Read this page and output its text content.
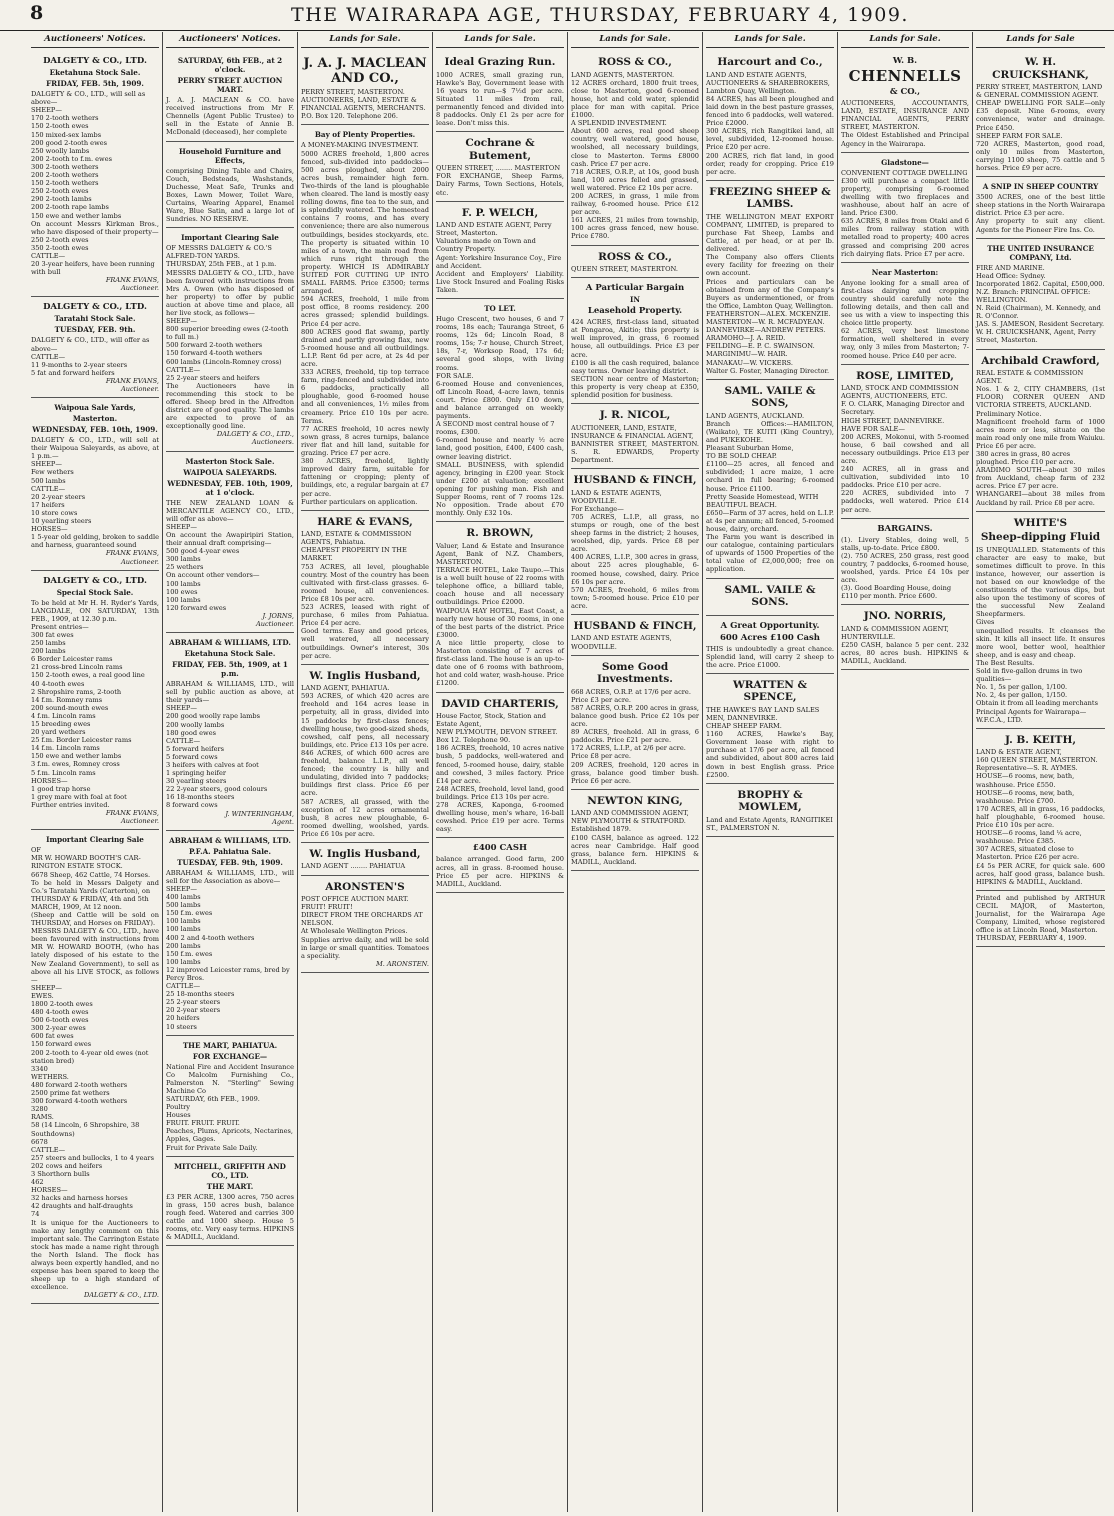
8	THE WAIRARAPA AGE, THURSDAY, FEBRUARY 4, 1909.
Auctioneers' Notices.
DALGETY & CO., LTD.
Eketahuna Stock Sale.
FRIDAY, FEB. 5th, 1909.
DALGETY & CO., LTD., will sell as above—
SHEEP—
170 2-tooth wethers
150 2-tooth ewes
150 mixed-sex lambs
200 good 2-tooth ewes
250 woolly lambs
200 2-tooth to f.m. ewes
300 2-tooth wethers
200 2-tooth wethers
150 2-tooth wethers
250 2-tooth ewes
290 2-tooth lambs
200 2-tooth rape lambs
150 ewe and wether lambs
On account Messrs Kirkman Bros., who have disposed of their property—
250 2-tooth ewes
350 2-tooth ewes
CATTLE—
20 3-year heifers, have been running with bull
FRANK EVANS,
Auctioneer.
DALGETY & CO., LTD.
Taratahi Stock Sale.
TUESDAY, FEB. 9th.
DALGETY & CO., LTD., will offer as above—
CATTLE—
11 9-months to 2-year steers
5 fat and forward heifers
FRANK EVANS,
Auctioneer.
Waipoua Sale Yards,
Masterton.
WEDNESDAY, FEB. 10th, 1909.
DALGETY & CO., LTD., will sell at their Waipoua Saleyards, as above, at 1 p.m.—
SHEEP—
Few wethers
500 lambs
CATTLE—
20 2-year steers
17 heifers
10 store cows
10 yearling steers
HORSES—
1 5-year old gelding, broken to saddle and harness, guaranteed sound
FRANK EVANS,
Auctioneer.
DALGETY & CO., LTD.
Special Stock Sale.
To be held at Mr H. H. Ryder's Yards, LANGDALE, ON SATURDAY, 13th FEB., 1909, at 12.30 p.m.
Present entries—
300 fat ewes
250 lambs
200 lambs
6 Border Leicester rams
21 cross-bred Lincoln rams
150 2-tooth ewes, a real good line
40 4-tooth ewes
2 Shropshire rams, 2-tooth
14 f.m. Romney rams
200 sound-mouth ewes
4 f.m. Lincoln rams
15 breeding ewes
20 yard wethers
25 f.m. Border Leicester rams
14 f.m. Lincoln rams
150 ewe and wether lambs
3 f.m. ewes, Romney cross
5 f.m. Lincoln rams
HORSES—
1 good trap horse
1 grey mare with foal at foot
Further entries invited.
FRANK EVANS,
Auctioneer.
Important Clearing Sale
OF
MR W. HOWARD BOOTH'S CAR-RINGTON ESTATE STOCK.
6678 Sheep, 462 Cattle, 74 Horses.
To be held in Messrs Dalgety and Co.'s Taratahi Yards (Carterton), on
THURSDAY & FRIDAY, 4th and 5th MARCH, 1909, At 12 noon.
(Sheep and Cattle will be sold on THURSDAY, and Horses on FRIDAY).
MESSRS DALGETY & CO., LTD., have been favoured with instructions from MR W. HOWARD BOOTH, (who has lately disposed of his estate to the New Zealand Government), to sell as above all his LIVE STOCK, as follows—
SHEEP—
EWES.
1800 2-tooth ewes
480 4-tooth ewes
500 6-tooth ewes
300 2-year ewes
600 fat ewes
150 forward ewes
200 2-tooth to 4-year old ewes (not station bred)
3340
WETHERS.
480 forward 2-tooth wethers
2500 prime fat wethers
300 forward 4-tooth wethers
3280
RAMS.
58 (14 Lincoln, 6 Shropshire, 38 Southdowns)
6678
CATTLE—
257 steers and bullocks, 1 to 4 years
202 cows and heifers
3 Shorthorn bulls
462
HORSES—
32 hacks and harness horses
42 draughts and half-draughts
74
It is unique for the Auctioneers to make any lengthy comment on this important sale. The Carrington Estate stock has made a name right through the North Island. The flock has always been expertly handled, and no expense has been spared to keep the sheep up to a high standard of excellence.
DALGETY & CO., LTD.
Auctioneers' Notices.
SATURDAY, 6th FEB., at 2 o'clock.
PERRY STREET AUCTION MART.
J. A. J. MACLEAN & CO. have received instructions from Mr F. Chennells (Agent Public Trustee) to sell in the Estate of Annie B. McDonald (deceased), her complete
Household Furniture and Effects,
comprising Dining Table and Chairs, Couch, Bedsteads, Washstands, Duchesse, Meat Safe, Trunks and Boxes, Lawn Mower, Toilet Ware, Curtains, Wearing Apparel, Enamel Ware, Blue Satin, and a large lot of Sundries. NO RESERVE.
Important Clearing Sale
OF MESSRS DALGETY & CO.'S ALFRED-TON YARDS.
THURSDAY, 25th FEB., at 1 p.m.
MESSRS DALGETY & CO., LTD., have been favoured with instructions from Mrs A. Owen (who has disposed of her property) to offer by public auction at above time and place, all her live stock, as follows—
SHEEP—
800 superior breeding ewes (2-tooth to full m.)
500 forward 2-tooth wethers
150 forward 4-tooth wethers
600 lambs (Lincoln-Romney cross)
CATTLE—
25 2-year steers and heifers
The Auctioneers have in recommending this stock to be offered. Sheep bred in the Alfredton district are of good quality. The lambs are expected to prove of an exceptionally good line.
DALGETY & CO., LTD.,
Auctioneers.
Masterton Stock Sale.
WAIPOUA SALEYARDS.
WEDNESDAY, FEB. 10th, 1909, at 1 o'clock.
THE NEW ZEALAND LOAN & MERCANTILE AGENCY CO., LTD., will offer as above—
SHEEP—
On account the Awapiripiri Station, their annual draft comprising—
500 good 4-year ewes
300 lambs
25 wethers
On account other vendors—
100 lambs
100 ewes
100 lambs
120 forward ewes
J. JORNS,
Auctioneer.
ABRAHAM & WILLIAMS, LTD.
Eketahuna Stock Sale.
FRIDAY, FEB. 5th, 1909, at 1 p.m.
ABRAHAM & WILLIAMS, LTD., will sell by public auction as above, at their yards—
SHEEP—
200 good woolly rape lambs
200 woolly lambs
180 good ewes
CATTLE—
5 forward heifers
5 forward cows
3 heifers with calves at foot
1 springing heifer
30 yearling steers
22 2-year steers, good colours
16 18-months steers
8 forward cows
J. WINTERINGHAM,
Agent.
ABRAHAM & WILLIAMS, LTD.
P.F.A. Pahiatua Sale.
TUESDAY, FEB. 9th, 1909.
ABRAHAM & WILLIAMS, LTD., will sell for the Association as above—
SHEEP—
400 lambs
500 lambs
150 f.m. ewes
100 lambs
100 lambs
400 2 and 4-tooth wethers
200 lambs
150 f.m. ewes
100 lambs
12 improved Leicester rams, bred by Percy Bros.
CATTLE—
25 18-months steers
25 2-year steers
20 2-year steers
20 heifers
10 steers
THE MART, PAHIATUA.
FOR EXCHANGE—
National Fire and Accident Insurance Co Malcolm Furnishing Co., Palmerston N. "Sterling" Sewing Machine Co
SATURDAY, 6th FEB., 1909.
Poultry
Houses
FRUIT. FRUIT. FRUIT.
Peaches, Plums, Apricots, Nectarines, Apples, Gages.
Fruit for Private Sale Daily.
MITCHELL, GRIFFITH AND CO., LTD.
THE MART.
£3 PER ACRE, 1300 acres, 750 acres in grass, 150 acres bush, balance rough feed. Watered and carries 300 cattle and 1000 sheep. House 5 rooms, etc. Very easy terms. HIPKINS & MADILL, Auckland.
Lands for Sale.
J. A. J. MACLEAN AND CO.,
PERRY STREET, MASTERTON.
AUCTIONEERS, LAND, ESTATE & FINANCIAL AGENTS, MERCHANTS.
P.O. Box 120. Telephone 206.
Bay of Plenty Properties.
A MONEY-MAKING INVESTMENT.
5000 ACRES freehold, 1,800 acres fenced, sub-divided into paddocks—500 acres ploughed, about 2000 acres bush, remainder high fern. Two-thirds of the land is ploughable when cleared. The land is mostly easy rolling downs, fine tea to the sun, and is splendidly watered. The homestead contains 7 rooms, and has every convenience; there are also numerous outbuildings, besides stockyards, etc. The property is situated within 10 miles of a town, the main road from which runs right through the property. WHICH IS ADMIRABLY SUITED FOR CUTTING UP INTO SMALL FARMS. Price £3500; terms arranged.
594 ACRES, freehold, 1 mile from post office, 8 rooms residency. 200 acres grassed; splendid buildings. Price £4 per acre.
800 ACRES good flat swamp, partly drained and partly growing flax, new 5-roomed house and all outbuildings. L.I.P. Rent 6d per acre, at 2s 4d per acre.
333 ACRES, freehold, tip top terrace farm, ring-fenced and subdivided into 6 paddocks, practically all ploughable, good 6-roomed house and all conveniences, 1½ miles from creamery. Price £10 10s per acre. Terms.
77 ACRES freehold, 10 acres newly sown grass, 8 acres turnips, balance river flat and hill land, suitable for grazing. Price £7 per acre.
380 ACRES, freehold, lightly improved dairy farm, suitable for fattening or cropping; plenty of buildings, etc, a regular bargain at £7 per acre.
Further particulars on application.
HARE & EVANS,
LAND, ESTATE & COMMISSION AGENTS, Pahiatua.
CHEAPEST PROPERTY IN THE MARKET.
753 ACRES, all level, ploughable country. Most of the country has been cultivated with first-class grasses. 6-roomed house, all conveniences. Price £8 10s per acre.
523 ACRES, leased with right of purchase, 6 miles from Pahiatua. Price £4 per acre.
Good terms. Easy and good prices, well watered, all necessary outbuildings. Owner's interest, 30s per acre.
W. Inglis Husband,
LAND AGENT, PAHIATUA.
593 ACRES, of which 420 acres are freehold and 164 acres lease in perpetuity, all in grass, divided into 15 paddocks by first-class fences; dwelling house, two good-sized sheds, cowshed, calf pens, all necessary buildings, etc. Price £13 10s per acre.
846 ACRES, of which 600 acres are freehold, balance L.I.P., all well fenced; the country is hilly and undulating, divided into 7 paddocks; buildings first class. Price £6 per acre.
587 ACRES, all grassed, with the exception of 12 acres ornamental bush, 8 acres new ploughable, 6-roomed dwelling, woolshed, yards. Price £6 10s per acre.
W. Inglis Husband,
LAND AGENT ........ PAHIATUA
ARONSTEN'S
POST OFFICE AUCTION MART.
FRUIT! FRUIT!
DIRECT FROM THE ORCHARDS AT NELSON.
At Wholesale Wellington Prices.
Supplies arrive daily, and will be sold in large or small quantities. Tomatoes a speciality.
M. ARONSTEN.
Lands for Sale.
Ideal Grazing Run.
1000 ACRES, small grazing run, Hawke's Bay, Government lease with 16 years to run—$ 7½d per acre. Situated 11 miles from rail, permanently fenced and divided into 8 paddocks. Only £1 2s per acre for lease. Don't miss this.
Cochrane & Butement,
QUEEN STREET, ........ MASTERTON
FOR EXCHANGE, Sheep Farms, Dairy Farms, Town Sections, Hotels, etc.
F. P. WELCH,
LAND AND ESTATE AGENT, Perry Street, Masterton.
Valuations made on Town and Country Property.
Agent: Yorkshire Insurance Coy., Fire and Accident.
Accident and Employers' Liability. Live Stock Insured and Foaling Risks Taken.
TO LET.
Hugo Crescent, two houses, 6 and 7 rooms, 18s each; Tauranga Street, 6 rooms, 12s 6d; Lincoln Road, 8 rooms, 15s; 7-r house, Church Street, 18s, 7-r, Worksop Road, 17s 6d; several good shops, with living rooms.
FOR SALE.
6-roomed House and conveniences, off Lincoln Road, 4-acre lawn, tennis court. Price £800. Only £10 down, and balance arranged on weekly payments.
A SECOND most central house of 7 rooms, £300.
6-roomed house and nearly ½ acre land, good position, £400, £400 cash, owner leaving district.
SMALL BUSINESS, with splendid agency, bringing in £200 year. Stock under £200 at valuation; excellent opening for pushing man. Fish and Supper Rooms, rent of 7 rooms 12s. No opposition. Trade about £70 monthly. Only £32 10s.
R. BROWN,
Valuer, Land & Estate and Insurance Agent, Bank of N.Z. Chambers, MASTERTON.
TERRACE HOTEL, Lake Taupo.—This is a well built house of 22 rooms with telephone office, a billiard table, coach house and all necessary outbuildings. Price £2000.
WAIPOUA HAY HOTEL, East Coast, a nearly new house of 30 rooms, in one of the best parts of the district. Price £3000.
A nice little property, close to Masterton consisting of 7 acres of first-class land. The house is an up-to-date one of 6 rooms with bathroom, hot and cold water, wash-house. Price £1200.
DAVID CHARTERIS,
House Factor, Stock, Station and Estate Agent,
NEW PLYMOUTH, DEVON STREET. Box 12. Telephone 90.
186 ACRES, freehold, 10 acres native bush, 5 paddocks, well-watered and fenced, 5-roomed house, dairy, stable and cowshed, 3 miles factory. Price £14 per acre.
248 ACRES, freehold, level land, good buildings. Price £13 10s per acre.
278 ACRES, Kaponga, 6-roomed dwelling house, men's whare, 16-ball cowshed. Price £19 per acre. Terms easy.
£400 CASH
balance arranged. Good farm, 200 acres, all in grass. 8-roomed house. Price £5 per acre. HIPKINS & MADILL, Auckland.
Lands for Sale.
ROSS & CO.,
LAND AGENTS, MASTERTON.
12 ACRES orchard, 1800 fruit trees, close to Masterton, good 6-roomed house, hot and cold water, splendid place for man with capital. Price £1000.
A SPLENDID INVESTMENT.
About 600 acres, real good sheep country, well watered, good house, woolshed, all necessary buildings, close to Masterton. Terms £8000 cash. Price £7 per acre.
718 ACRES, O.R.P., at 10s, good bush land, 100 acres felled and grassed, well watered. Price £2 10s per acre.
200 ACRES, in grass, 1 mile from railway, 6-roomed house. Price £12 per acre.
161 ACRES, 21 miles from township, 100 acres grass fenced, new house. Price £780.
ROSS & CO.,
QUEEN STREET, MASTERTON.
A Particular Bargain
IN
Leasehold Property.
424 ACRES, first-class land, situated at Pongaroa, Akitio; this property is well improved, in grass, 6 roomed house, all outbuildings. Price £3 per acre.
£100 is all the cash required, balance easy terms. Owner leaving district.
SECTION near centre of Masterton; this property is very cheap at £350, splendid position for business.
J. R. NICOL,
AUCTIONEER, LAND, ESTATE, INSURANCE & FINANCIAL AGENT,
BANNISTER STREET, MASTERTON. S. R. EDWARDS, Property Department.
HUSBAND & FINCH,
LAND & ESTATE AGENTS, WOODVILLE.
For Exchange—
705 ACRES, L.I.P., all grass, no stumps or rough, one of the best sheep farms in the district; 2 houses, woolshed, dip, yards. Price £8 per acre.
400 ACRES, L.I.P., 300 acres in grass, about 225 acres ploughable, 6-roomed house, cowshed, dairy. Price £6 10s per acre.
570 ACRES, freehold, 6 miles from town; 5-roomed house. Price £10 per acre.
HUSBAND & FINCH,
LAND AND ESTATE AGENTS, WOODVILLE.
Some Good Investments.
668 ACRES, O.R.P. at 17/6 per acre. Price £3 per acre.
587 ACRES, O.R.P. 200 acres in grass, balance good bush. Price £2 10s per acre.
89 ACRES, freehold. All in grass, 6 paddocks. Price £21 per acre.
172 ACRES, L.I.P., at 2/6 per acre. Price £8 per acre.
209 ACRES, freehold, 120 acres in grass, balance good timber bush. Price £6 per acre.
NEWTON KING,
LAND AND COMMISSION AGENT, NEW PLYMOUTH & STRATFORD.
Established 1879.
£100 CASH, balance as agreed. 122 acres near Cambridge. Half good grass, balance fern. HIPKINS & MADILL, Auckland.
Lands for Sale.
Harcourt and Co.,
LAND AND ESTATE AGENTS, AUCTIONEERS & SHAREBROKERS,
Lambton Quay, Wellington.
84 ACRES, has all been ploughed and laid down in the best pasture grasses, fenced into 6 paddocks, well watered. Price £2000.
300 ACRES, rich Rangitikei land, all level, subdivided, 12-roomed house. Price £20 per acre.
200 ACRES, rich flat land, in good order, ready for cropping. Price £19 per acre.
FREEZING SHEEP & LAMBS.
THE WELLINGTON MEAT EXPORT COMPANY, LIMITED, is prepared to purchase Fat Sheep, Lambs and Cattle, at per head, or at per lb. delivered.
The Company also offers Clients every facility for freezing on their own account.
Prices and particulars can be obtained from any of the Company's Buyers as undermentioned, or from the Office, Lambton Quay, Wellington.
FEATHERSTON—ALEX. MCKENZIE.
MASTERTON—W. R. MCFADYEAN.
DANNEVIRKE—ANDREW PETERS.
ARAMOHO—J. A. REID.
FEILDING—E. P. C. SWAINSON.
MARGINIMU—W. HAIR.
MANAKAU—W. VICKERS.
Walter G. Foster, Managing Director.
SAML. VAILE & SONS,
LAND AGENTS, AUCKLAND.
Branch Offices:—HAMILTON, (Waikato), TE KUITI (King Country), and PUKEKOHE.
Pleasant Suburban Home,
TO BE SOLD CHEAP.
£1100—25 acres, all fenced and subdivided; 1 acre maize, 1 acre orchard in full bearing; 6-roomed house. Price £1100.
Pretty Seaside Homestead, WITH BEAUTIFUL BEACH.
£650—Farm of 37 acres, held on L.I.P. at 4s per annum; all fenced, 5-roomed house, dairy, orchard.
The Farm you want is described in our catalogue, containing particulars of upwards of 1500 Properties of the total value of £2,000,000; free on application.
SAML. VAILE & SONS.
A Great Opportunity.
600 Acres £100 Cash
THIS is undoubtedly a great chance. Splendid land, will carry 2 sheep to the acre. Price £1000.
WRATTEN & SPENCE,
THE HAWKE'S BAY LAND SALES MEN, DANNEVIRKE.
CHEAP SHEEP FARM.
1160 ACRES, Hawke's Bay, Government lease with right to purchase at 17/6 per acre, all fenced and subdivided, about 800 acres laid down in best English grass. Price £2500.
BROPHY & MOWLEM,
Land and Estate Agents, RANGITIKEI ST., PALMERSTON N.
Lands for Sale.
W. B.
CHENNELLS
& CO.,
AUCTIONEERS, ACCOUNTANTS, LAND, ESTATE, INSURANCE AND FINANCIAL AGENTS, PERRY STREET, MASTERTON.
The Oldest Established and Principal Agency in the Wairarapa.
Gladstone—
CONVENIENT COTTAGE DWELLING
£300 will purchase a compact little property, comprising 6-roomed dwelling with two fireplaces and washhouse, about half an acre of land. Price £300.
635 ACRES, 8 miles from Otaki and 6 miles from railway station with metalled road to property; 400 acres grassed and comprising 200 acres rich dairying flats. Price £7 per acre.
Near Masterton:
Anyone looking for a small area of first-class dairying and cropping country should carefully note the following details, and then call and see us with a view to inspecting this choice little property.
62 ACRES, very best limestone formation, well sheltered in every way, only 3 miles from Masterton; 7-roomed house. Price £40 per acre.
ROSE, LIMITED,
LAND, STOCK AND COMMISSION AGENTS, AUCTIONEERS, ETC.
F. O. CLARK, Managing Director and Secretary.
HIGH STREET, DANNEVIRKE.
HAVE FOR SALE—
200 ACRES, Mokonui, with 5-roomed house, 6 bail cowshed and all necessary outbuildings. Price £13 per acre.
240 ACRES, all in grass and cultivation, subdivided into 10 paddocks. Price £10 per acre.
220 ACRES, subdivided into 7 paddocks, well watered. Price £14 per acre.
BARGAINS.
(1). Livery Stables, doing well, 5 stalls, up-to-date. Price £800.
(2). 750 ACRES, 250 grass, rest good country, 7 paddocks, 6-roomed house, woolshed, yards. Price £4 10s per acre.
(3). Good Boarding House, doing £110 per month. Price £600.
JNO. NORRIS,
LAND & COMMISSION AGENT, HUNTERVILLE.
£250 CASH, balance 5 per cent. 232 acres, 80 acres bush. HIPKINS & MADILL, Auckland.
Lands for Sale
W. H. CRUICKSHANK,
PERRY STREET, MASTERTON, LAND & GENERAL COMMISSION AGENT.
CHEAP DWELLING FOR SALE—only £35 deposit. Nine 6-rooms, every convenience, water and drainage. Price £450.
SHEEP FARM FOR SALE.
720 ACRES, Masterton, good road, only 10 miles from Masterton, carrying 1100 sheep, 75 cattle and 5 horses. Price £9 per acre.
A SNIP IN SHEEP COUNTRY
3500 ACRES, one of the best little sheep stations in the North Wairarapa district. Price £3 per acre.
Any property to suit any client. Agents for the Pioneer Fire Ins. Co.
THE UNITED INSURANCE COMPANY, Ltd.
FIRE AND MARINE.
Head Office: Sydney.
Incorporated 1862. Capital, £500,000.
N.Z. Branch: PRINCIPAL OFFICE: WELLINGTON.
N. Reid (Chairman), M. Kennedy, and R. O'Connor.
JAS. S. JAMESON, Resident Secretary.
W. H. CRUICKSHANK, Agent, Perry Street, Masterton.
Archibald Crawford,
REAL ESTATE & COMMISSION AGENT.
Nos. 1 & 2, CITY CHAMBERS, (1st FLOOR) CORNER QUEEN AND VICTORIA STREETS, AUCKLAND.
Preliminary Notice.
Magnificent freehold farm of 1000 acres more or less, situate on the main road only one mile from Waiuku. Price £6 per acre.
380 acres in grass, 80 acres ploughed. Price £10 per acre.
ARADIMO SOUTH—about 30 miles from Auckland, cheap farm of 232 acres. Price £7 per acre.
WHANGAREI—about 38 miles from Auckland by rail. Price £8 per acre.
WHITE'S
Sheep-dipping Fluid
IS UNEQUALLED. Statements of this character are easy to make, but sometimes difficult to prove. In this instance, however, our assertion is not based on our knowledge of the constituents of the various dips, but also upon the testimony of scores of the successful New Zealand Sheepfarmers.
Gives
unequalled results. It cleanses the skin. It kills all insect life. It ensures more wool, better wool, healthier sheep, and is easy and cheap.
The Best Results.
Sold in five-gallon drums in two qualities—
No. 1, 5s per gallon, 1/100.
No. 2, 4s per gallon, 1/150.
Obtain it from all leading merchants
Principal Agents for Wairarapa—
W.F.C.A., LTD.
J. B. KEITH,
LAND & ESTATE AGENT,
160 QUEEN STREET, MASTERTON.
Representative—S. R. AYMES.
HOUSE—6 rooms, new, bath, washhouse. Price £550.
HOUSE—6 rooms, new, bath, washhouse. Price £700.
170 ACRES, all in grass, 16 paddocks, half ploughable, 6-roomed house. Price £10 10s per acre.
HOUSE—6 rooms, land ¼ acre, washhouse. Price £385.
307 ACRES, situated close to Masterton. Price £26 per acre.
£4 5s PER ACRE, for quick sale. 600 acres, half good grass, balance bush. HIPKINS & MADILL, Auckland.
Printed and published by ARTHUR CECIL MAJOR, of Masterton, Journalist, for the Wairarapa Age Company, Limited, whose registered office is at Lincoln Road, Masterton.
THURSDAY, FEBRUARY 4, 1909.
